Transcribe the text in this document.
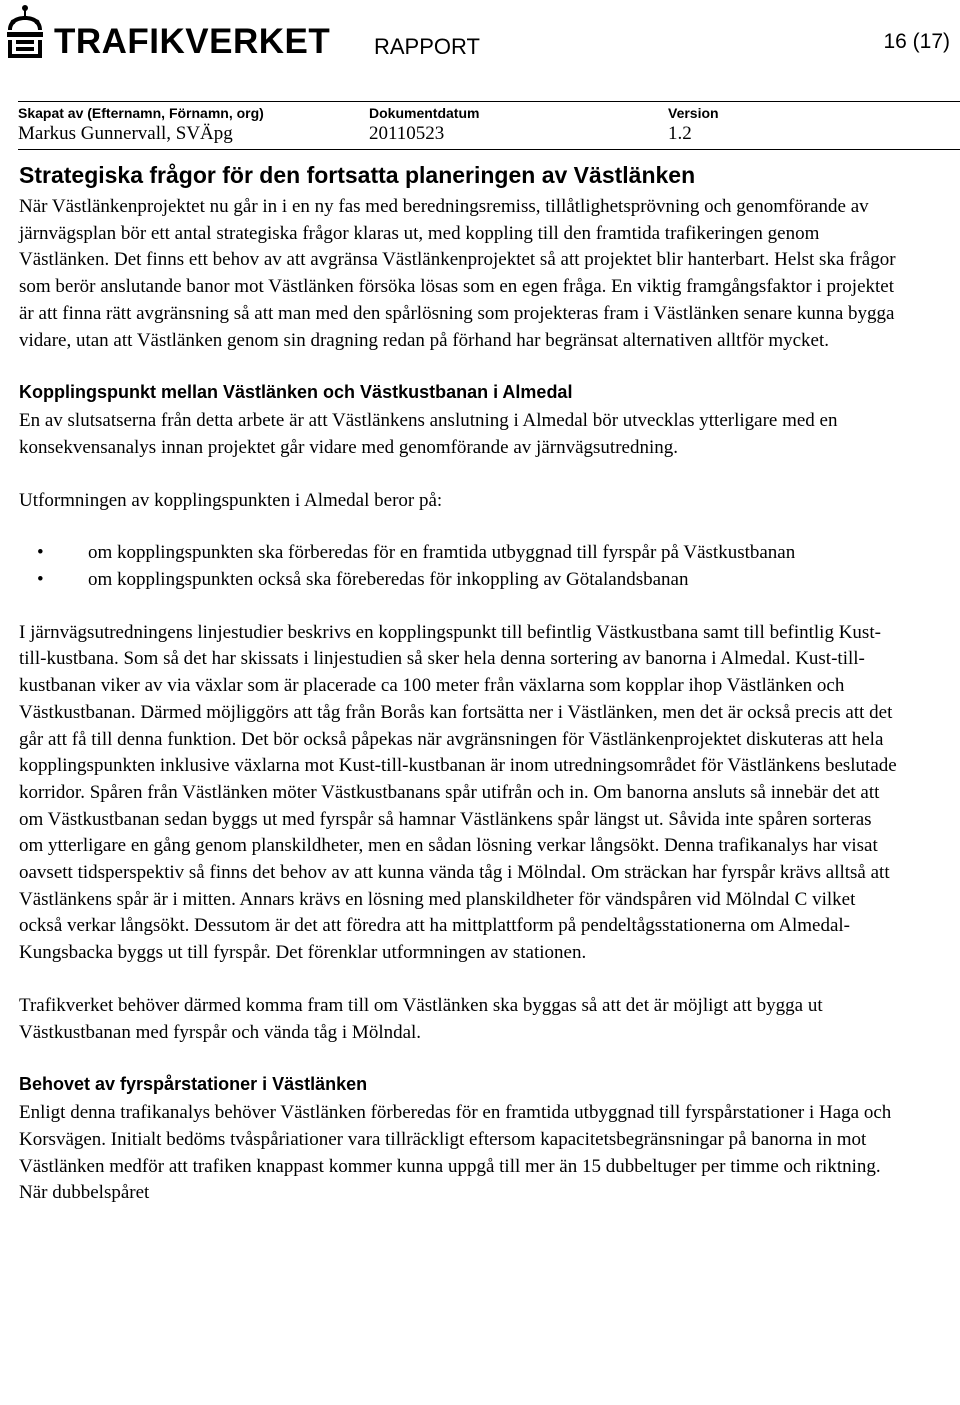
TRAFIKVERKET RAPPORT	16 (17)
Skapat av (Efternamn, Förnamn, org)
Markus Gunnervall, SVÄpg
Dokumentdatum
20110523
Version
1.2
Strategiska frågor för den fortsatta planeringen av Västlänken

När Västlänkenprojektet nu går in i en ny fas med beredningsremiss, tillåtlighetsprövning och genomförande av järnvägsplan bör ett antal strategiska frågor klaras ut, med koppling till den framtida trafikeringen genom Västlänken. Det finns ett behov av att avgränsa Västlänkenprojektet så att projektet blir hanterbart. Helst ska frågor som berör anslutande banor mot Västlänken försöka lösas som en egen fråga. En viktig framgångsfaktor i projektet är att finna rätt avgränsning så att man med den spårlösning som projekteras fram i Västlänken senare kunna bygga vidare, utan att Västlänken genom sin dragning redan på förhand har begränsat alternativen alltför mycket.

Kopplingspunkt mellan Västlänken och Västkustbanan i Almedal

En av slutsatserna från detta arbete är att Västlänkens anslutning i Almedal bör utvecklas ytterligare med en konsekvensanalys innan projektet går vidare med genomförande av järnvägsutredning.

Utformningen av kopplingspunkten i Almedal beror på:

• om kopplingspunkten ska förberedas för en framtida utbyggnad till fyrspår på Västkustbanan
• om kopplingspunkten också ska föreberedas för inkoppling av Götalandsbanan

I järnvägsutredningens linjestudier beskrivs en kopplingspunkt till befintlig Västkustbana samt till befintlig Kust-till-kustbana. Som så det har skissats i linjestudien så sker hela denna sortering av banorna i Almedal. Kust-till-kustbanan viker av via växlar som är placerade ca 100 meter från växlarna som kopplar ihop Västlänken och Västkustbanan. Därmed möjliggörs att tåg från Borås kan fortsätta ner i Västlänken, men det är också precis att det går att få till denna funktion. Det bör också påpekas när avgränsningen för Västlänkenprojektet diskuteras att hela kopplingspunkten inklusive växlarna mot Kust-till-kustbanan är inom utredningsområdet för Västlänkens beslutade korridor. Spåren från Västlänken möter Västkustbanans spår utifrån och in. Om banorna ansluts så innebär det att om Västkustbanan sedan byggs ut med fyrspår så hamnar Västlänkens spår längst ut. Såvida inte spåren sorteras om ytterligare en gång genom planskildheter, men en sådan lösning verkar långsökt. Denna trafikanalys har visat oavsett tidsperspektiv så finns det behov av att kunna vända tåg i Mölndal. Om sträckan har fyrspår krävs alltså att Västlänkens spår är i mitten. Annars krävs en lösning med planskildheter för vändspåren vid Mölndal C vilket också verkar långsökt. Dessutom är det att föredra att ha mittplattform på pendeltågsstationerna om Almedal-Kungsbacka byggs ut till fyrspår. Det förenklar utformningen av stationen.

Trafikverket behöver därmed komma fram till om Västlänken ska byggas så att det är möjligt att bygga ut Västkustbanan med fyrspår och vända tåg i Mölndal.

Behovet av fyrspårstationer i Västlänken

Enligt denna trafikanalys behöver Västlänken förberedas för en framtida utbyggnad till fyrspårstationer i Haga och Korsvägen. Initialt bedöms tvåspåriationer vara tillräckligt eftersom kapacitetsbegränsningar på banorna in mot Västlänken medför att trafiken knappast kommer kunna uppgå till mer än 15 dubbeltuger per timme och riktning. När dubbelspåret
